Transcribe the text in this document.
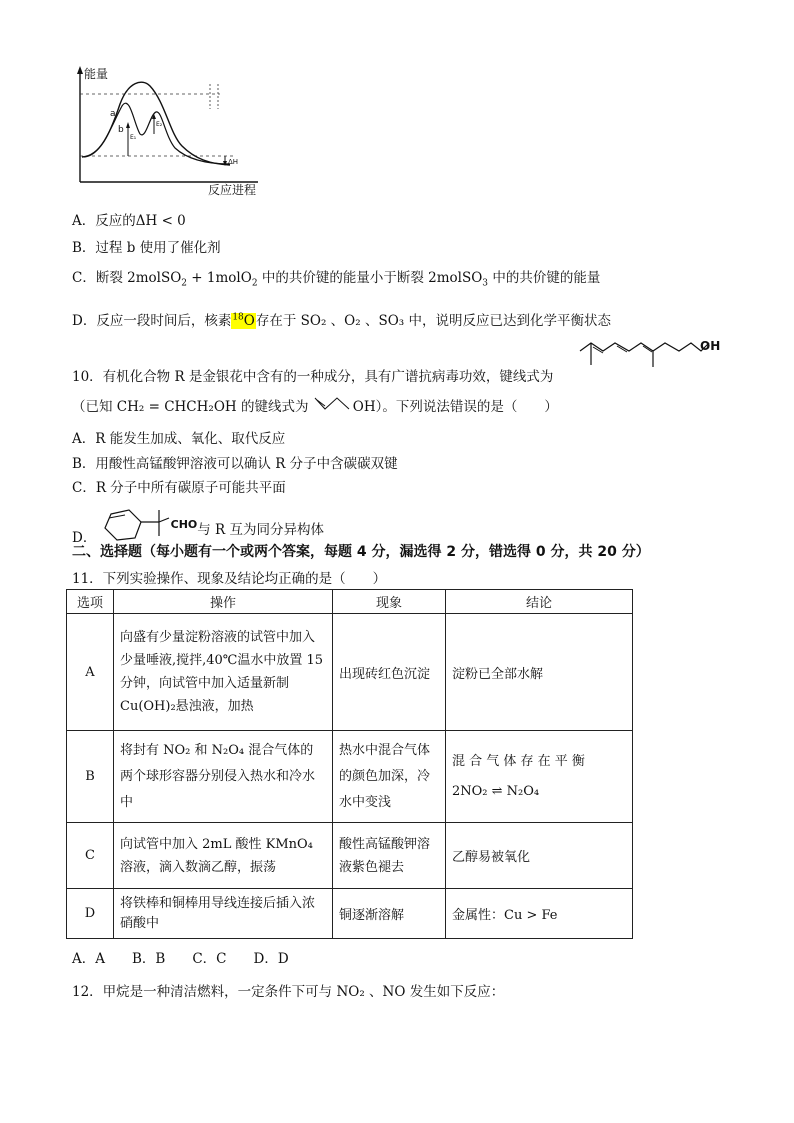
a
b
E₁
E₂
ΔH
能量
反应进程
A．反应的ΔH < 0
B．过程 b 使用了催化剂
C．断裂 2molSO$_2$ + 1molO$_2$ 中的共价键的能量小于断裂 2molSO$_3$ 中的共价键的能量
D．反应一段时间后，核素$^{18}$O存在于 SO₂ 、O₂ 、SO₃ 中，说明反应已达到化学平衡状态
OH
10．有机化合物 R 是金银花中含有的一种成分，具有广谱抗病毒功效，键线式为
（已知 CH₂ = CHCH₂OH 的键线式为	OH）。下列说法错误的是（　　）
A．R 能发生加成、氧化、取代反应
B．用酸性高锰酸钾溶液可以确认 R 分子中含碳碳双键
C．R 分子中所有碳原子可能共平面
D． $^{CHO}$与 R 互为同分异构体
二、选择题（每小题有一个或两个答案，每题 4 分，漏选得 2 分，错选得 0 分，共 20 分）
11．下列实验操作、现象及结论均正确的是（　　）
选项	操作	现象	结论
A	向盛有少量淀粉溶液的试管中加入少量唾液,搅拌,40℃温水中放置 15 分钟，向试管中加入适量新制 Cu(OH)₂悬浊液，加热	出现砖红色沉淀	淀粉已全部水解
B	将封有 NO₂ 和 N₂O₄ 混合气体的两个球形容器分别侵入热水和冷水中	热水中混合气体的颜色加深，冷水中变浅	混 合 气 体 存 在 平 衡
2NO₂ ⇌ N₂O₄

C	向试管中加入 2mL 酸性 KMnO₄ 溶液，滴入数滴乙醇，振荡	酸性高锰酸钾溶液紫色褪去	乙醇易被氧化
D	将铁棒和铜棒用导线连接后插入浓硝酸中	铜逐渐溶解	金属性：Cu > Fe
A．A　　B．B　　C．C　　D．D
12．甲烷是一种清洁燃料，一定条件下可与 NO₂ 、NO 发生如下反应：
